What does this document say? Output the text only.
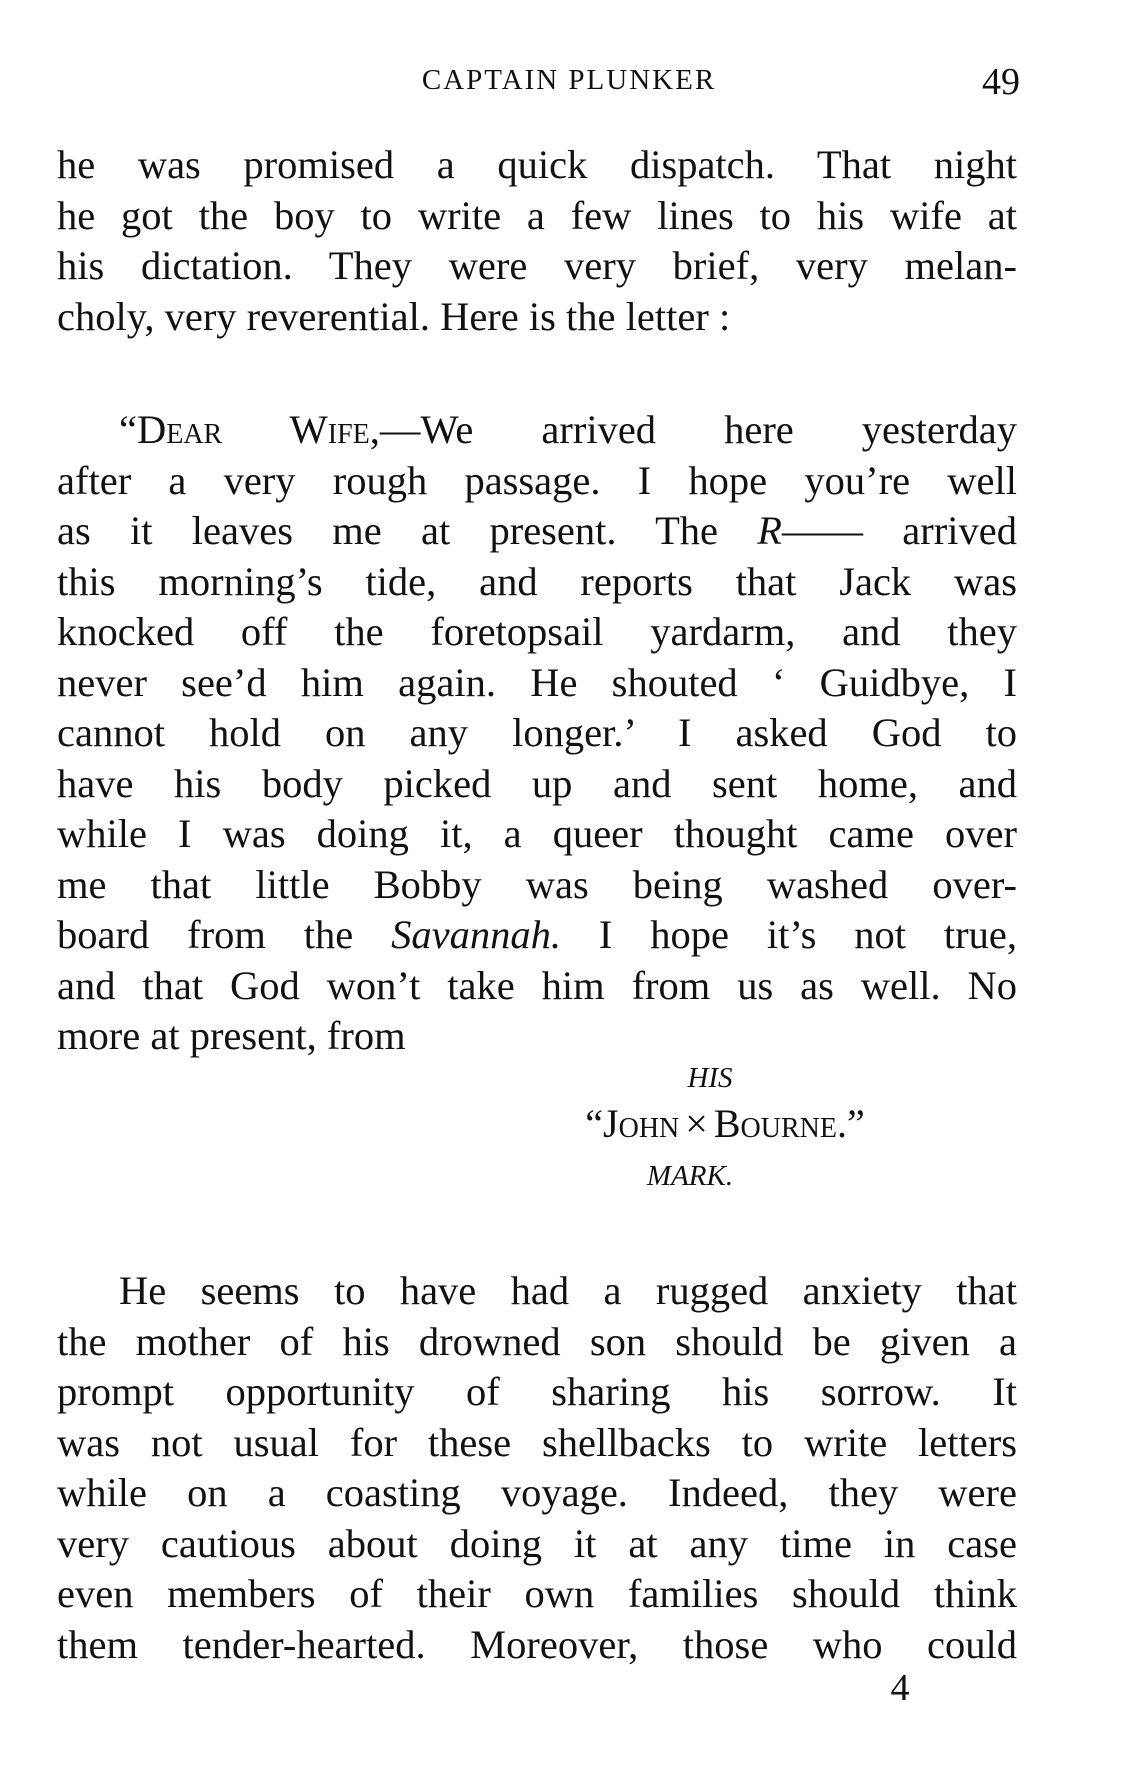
CAPTAIN PLUNKER	49
he was promised a quick dispatch. That night
he got the boy to write a few lines to his wife at
his dictation. They were very brief, very melan-
choly, very reverential. Here is the letter :
“Dear Wife,—We arrived here yesterday
after a very rough passage. I hope you’re well
as it leaves me at present. The R—— arrived
this morning’s tide, and reports that Jack was
knocked off the foretopsail yardarm, and they
never see’d him again. He shouted ‘ Guidbye, I
cannot hold on any longer.’ I asked God to
have his body picked up and sent home, and
while I was doing it, a queer thought came over
me that little Bobby was being washed over-
board from the Savannah. I hope it’s not true,
and that God won’t take him from us as well. No
more at present, from
HIS
“John × Bourne.”
MARK.
He seems to have had a rugged anxiety that
the mother of his drowned son should be given a
prompt opportunity of sharing his sorrow. It
was not usual for these shellbacks to write letters
while on a coasting voyage. Indeed, they were
very cautious about doing it at any time in case
even members of their own families should think
them tender-hearted. Moreover, those who could
4
